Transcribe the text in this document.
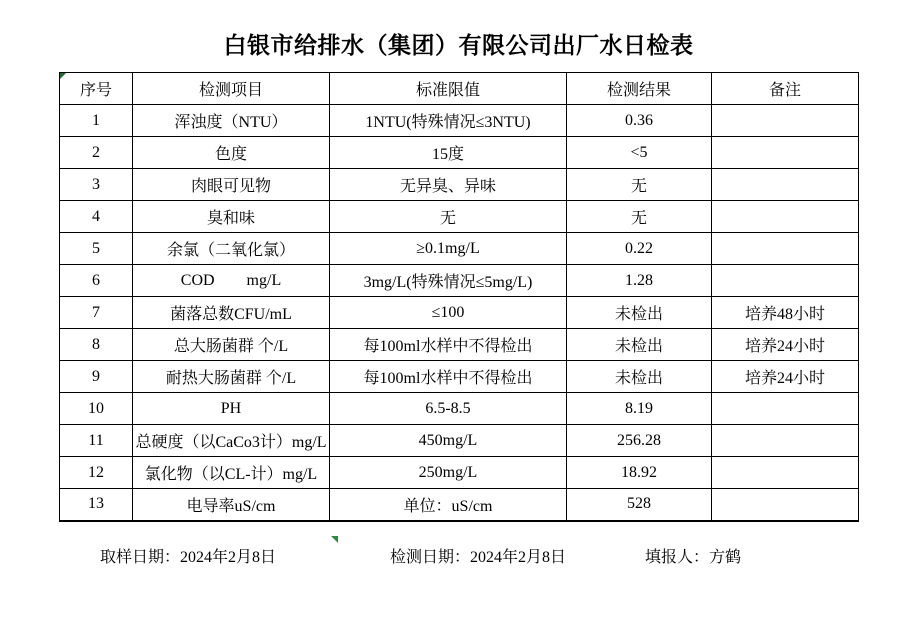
白银市给排水（集团）有限公司出厂水日检表
序号	检测项目	标准限值	检测结果	备注
1	浑浊度（NTU）	1NTU(特殊情况≤3NTU)	0.36	
2	色度	15度	<5	
3	肉眼可见物	无异臭、异味	无	
4	臭和味	无	无	
5	余氯（二氧化氯）	≥0.1mg/L	0.22	
6	COD        mg/L	3mg/L(特殊情况≤5mg/L)	1.28	
7	菌落总数CFU/mL	≤100	未检出	培养48小时
8	总大肠菌群 个/L	每100ml水样中不得检出	未检出	培养24小时
9	耐热大肠菌群 个/L	每100ml水样中不得检出	未检出	培养24小时
10	PH	6.5-8.5	8.19	
11	总硬度（以CaCo3计）mg/L	450mg/L	256.28	
12	氯化物（以CL-计）mg/L	250mg/L	18.92	
13	电导率uS/cm	单位：uS/cm	528	
取样日期：2024年2月8日	检测日期：2024年2月8日	填报人：方鹤
